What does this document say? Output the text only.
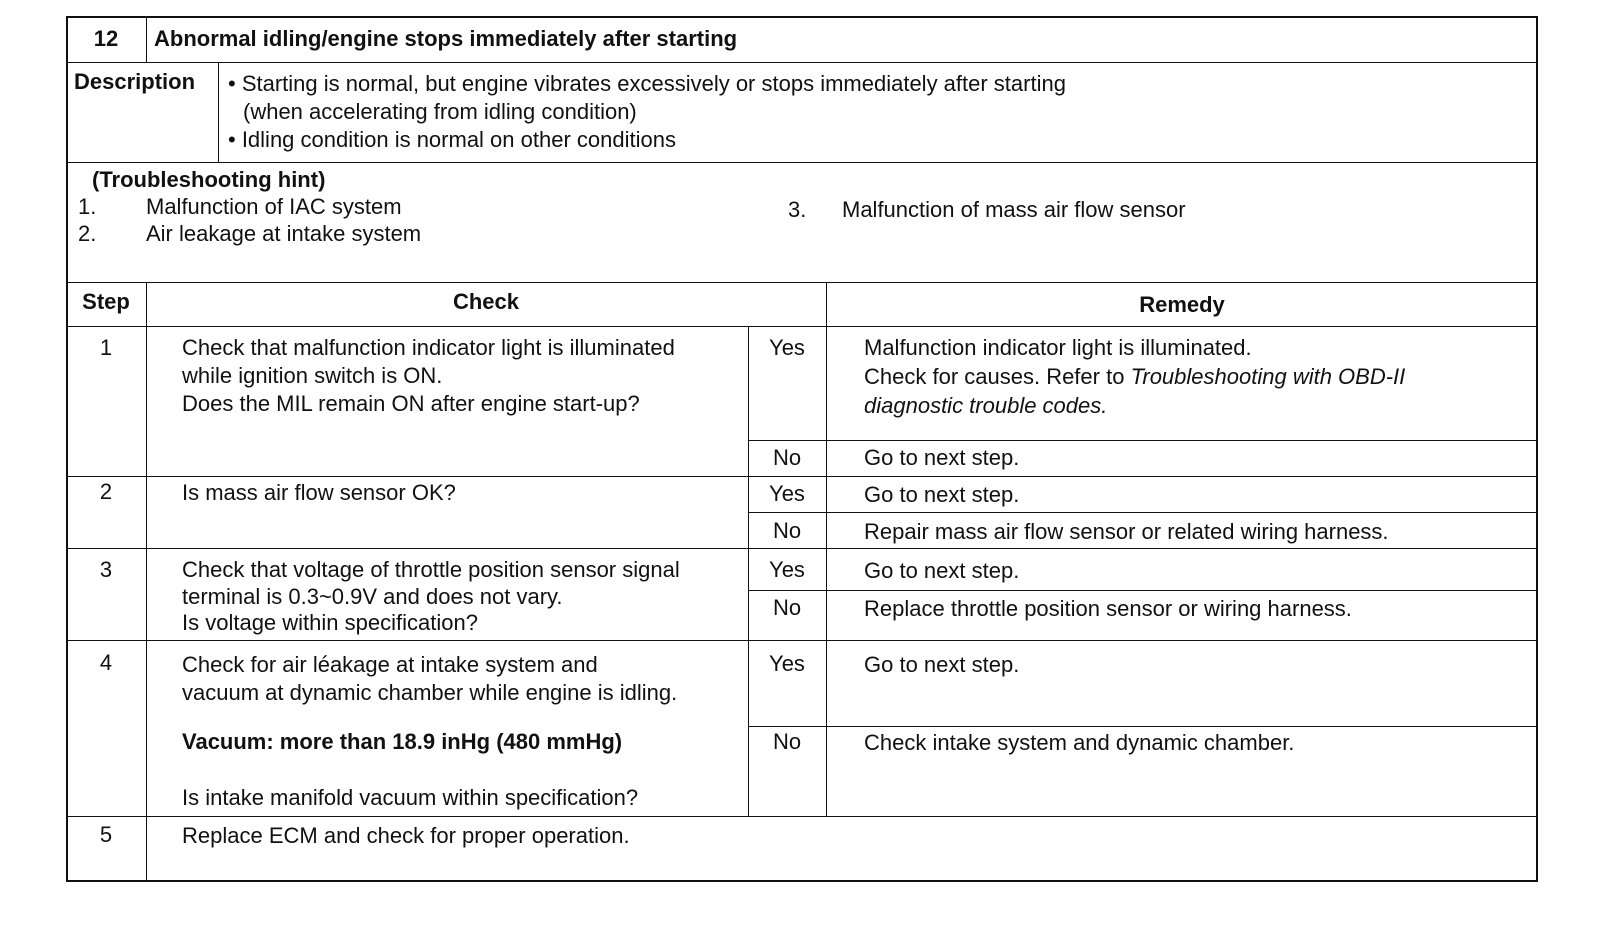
12	Abnormal idling/engine stops immediately after starting
Description • Starting is normal, but engine vibrates excessively or stops immediately after starting
(when accelerating from idling condition)
• Idling condition is normal on other conditions
(Troubleshooting hint)
1. Malfunction of IAC system
2. Air leakage at intake system
3. Malfunction of mass air flow sensor
Step	Check	Remedy
1	Check that malfunction indicator light is illuminated
while ignition switch is ON.
Does the MIL remain ON after engine start-up?
Yes	Malfunction indicator light is illuminated.
Check for causes. Refer to Troubleshooting with OBD-II
diagnostic trouble codes.
No	Go to next step.
2	Is mass air flow sensor OK?	Yes	Go to next step.
No	Repair mass air flow sensor or related wiring harness.
3	Check that voltage of throttle position sensor signal
terminal is 0.3~0.9V and does not vary.
Is voltage within specification?
Yes	Go to next step.
No	Replace throttle position sensor or wiring harness.
4	Check for air léakage at intake system and
vacuum at dynamic chamber while engine is idling.
Vacuum: more than 18.9 inHg (480 mmHg)
Is intake manifold vacuum within specification?
Yes	Go to next step.
No	Check intake system and dynamic chamber.
5	Replace ECM and check for proper operation.
